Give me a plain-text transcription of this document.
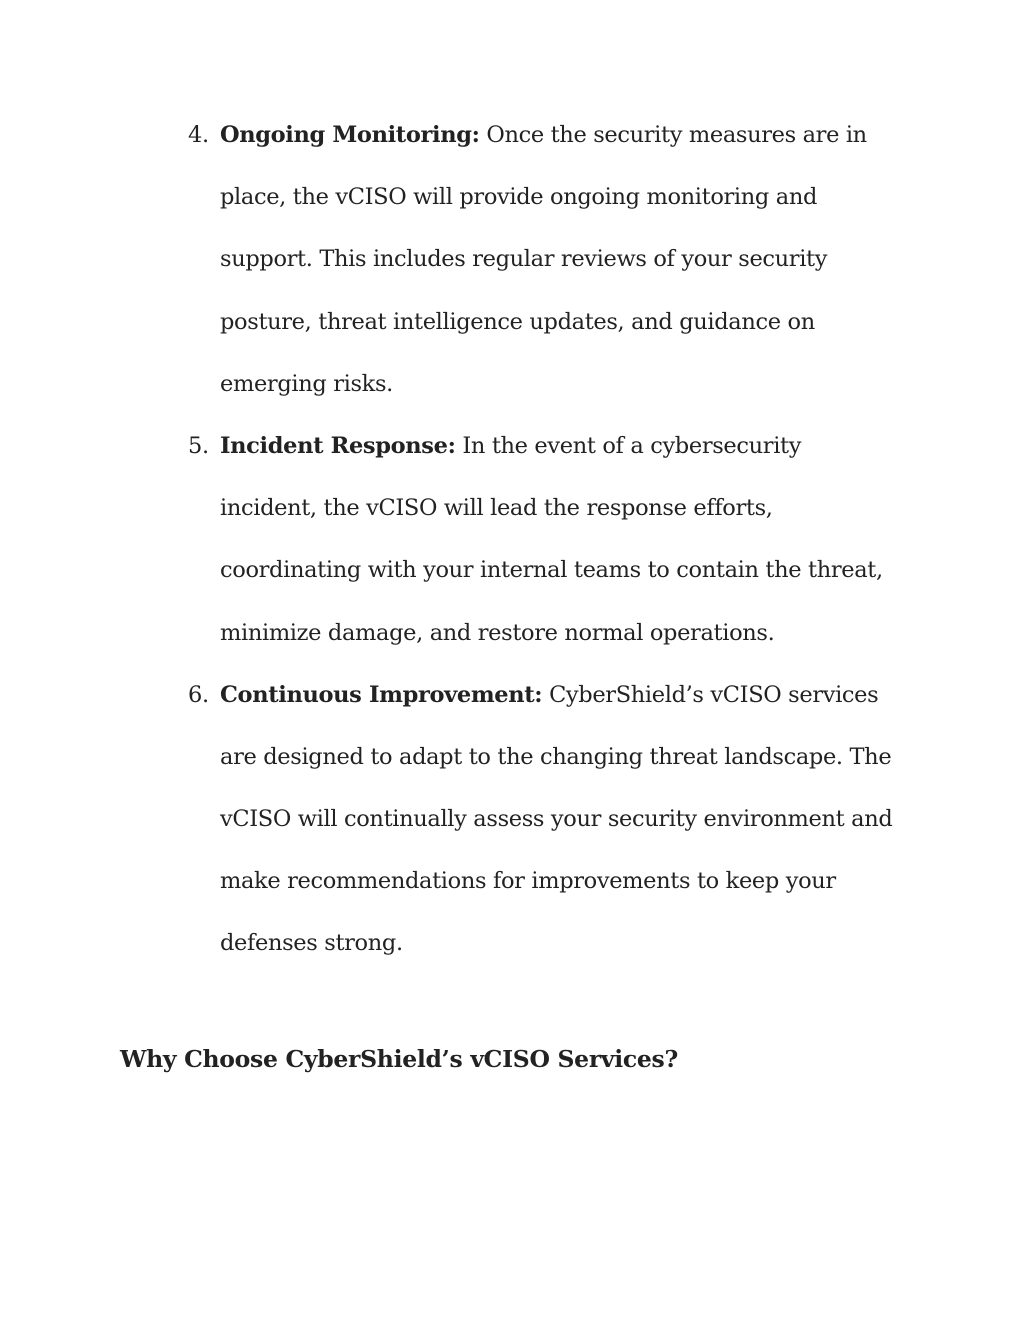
4. Ongoing Monitoring: Once the security measures are in
place, the vCISO will provide ongoing monitoring and
support. This includes regular reviews of your security
posture, threat intelligence updates, and guidance on
emerging risks.
5. Incident Response: In the event of a cybersecurity
incident, the vCISO will lead the response efforts,
coordinating with your internal teams to contain the threat,
minimize damage, and restore normal operations.
6. Continuous Improvement: CyberShield’s vCISO services
are designed to adapt to the changing threat landscape. The
vCISO will continually assess your security environment and
make recommendations for improvements to keep your
defenses strong.
Why Choose CyberShield’s vCISO Services?
